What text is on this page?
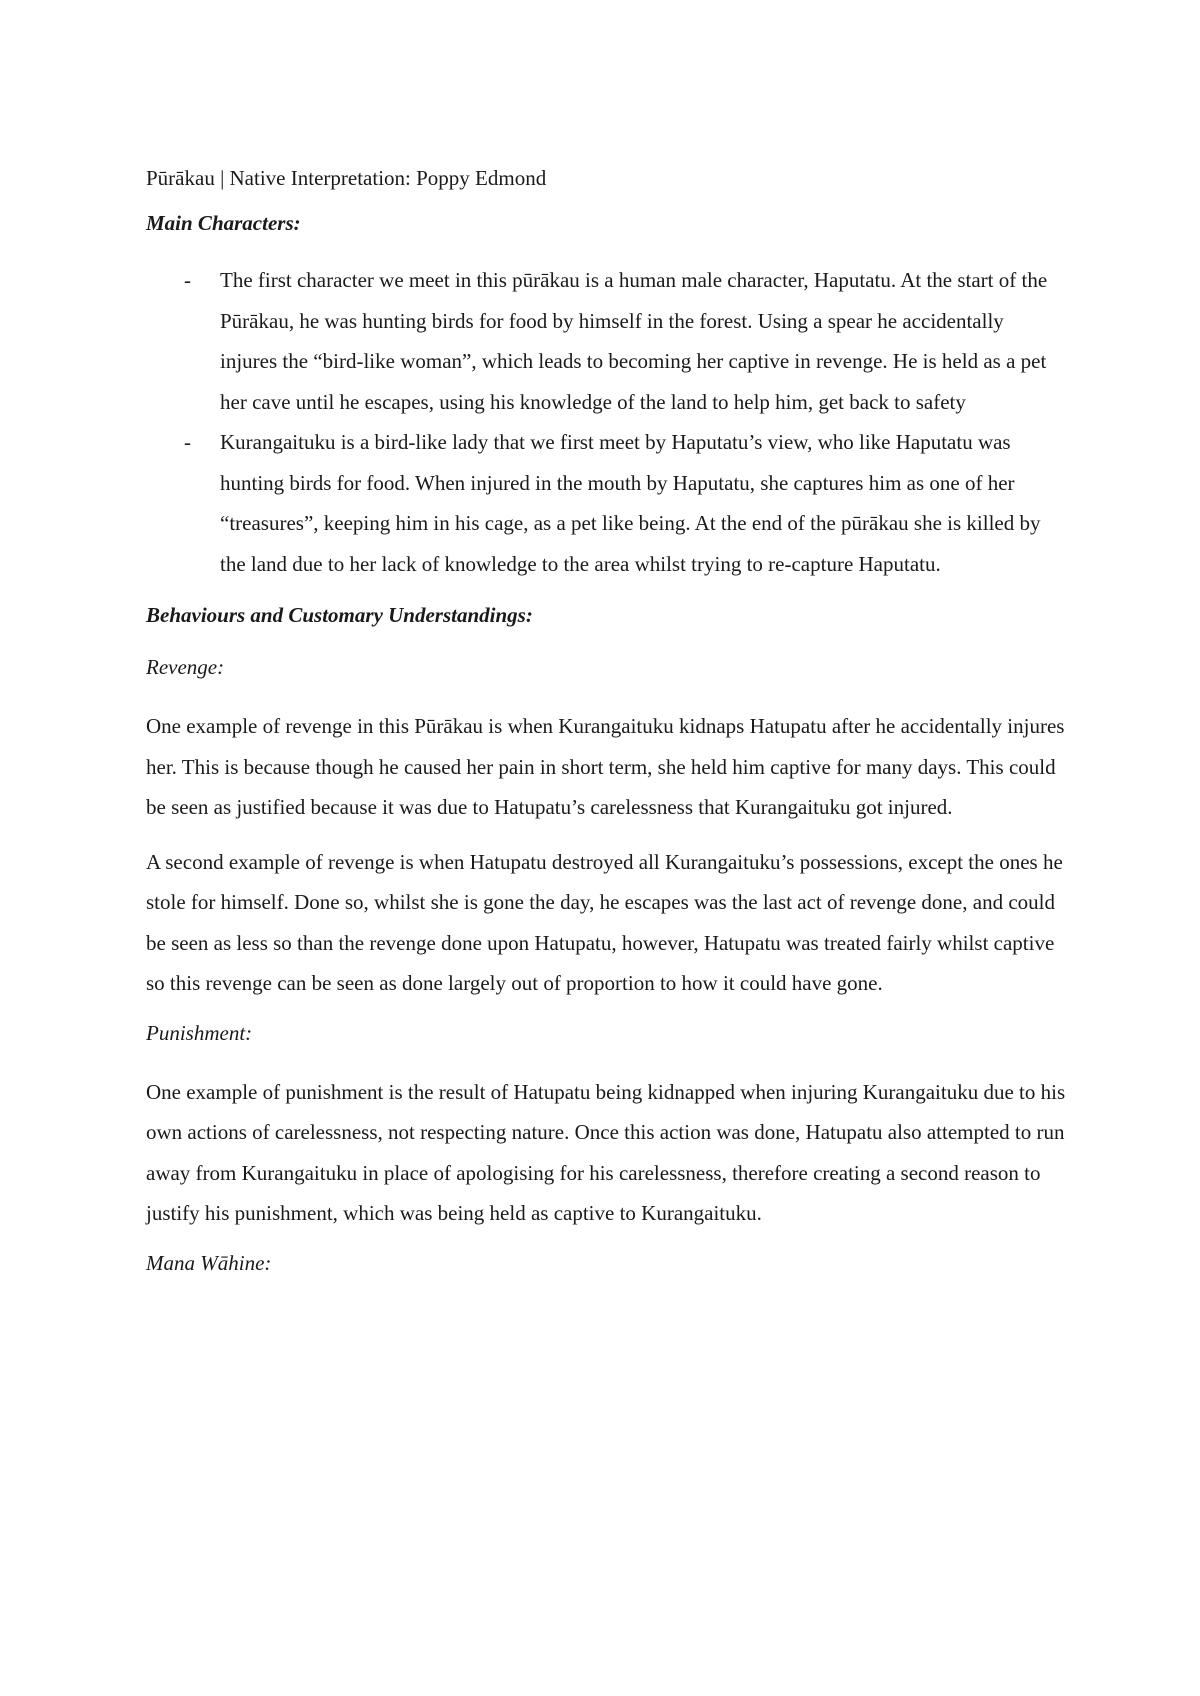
Pūrākau | Native Interpretation: Poppy Edmond

Main Characters:

- The first character we meet in this pūrākau is a human male character, Haputatu. At the start of the Pūrākau, he was hunting birds for food by himself in the forest. Using a spear he accidentally injures the “bird-like woman”, which leads to becoming her captive in revenge. He is held as a pet her cave until he escapes, using his knowledge of the land to help him, get back to safety
- Kurangaituku is a bird-like lady that we first meet by Haputatu’s view, who like Haputatu was hunting birds for food. When injured in the mouth by Haputatu, she captures him as one of her “treasures”, keeping him in his cage, as a pet like being. At the end of the pūrākau she is killed by the land due to her lack of knowledge to the area whilst trying to re-capture Haputatu.

Behaviours and Customary Understandings:

Revenge:

One example of revenge in this Pūrākau is when Kurangaituku kidnaps Hatupatu after he accidentally injures her. This is because though he caused her pain in short term, she held him captive for many days. This could be seen as justified because it was due to Hatupatu’s carelessness that Kurangaituku got injured.

A second example of revenge is when Hatupatu destroyed all Kurangaituku’s possessions, except the ones he stole for himself. Done so, whilst she is gone the day, he escapes was the last act of revenge done, and could be seen as less so than the revenge done upon Hatupatu, however, Hatupatu was treated fairly whilst captive so this revenge can be seen as done largely out of proportion to how it could have gone.

Punishment:

One example of punishment is the result of Hatupatu being kidnapped when injuring Kurangaituku due to his own actions of carelessness, not respecting nature. Once this action was done, Hatupatu also attempted to run away from Kurangaituku in place of apologising for his carelessness, therefore creating a second reason to justify his punishment, which was being held as captive to Kurangaituku.

Mana Wāhine:
